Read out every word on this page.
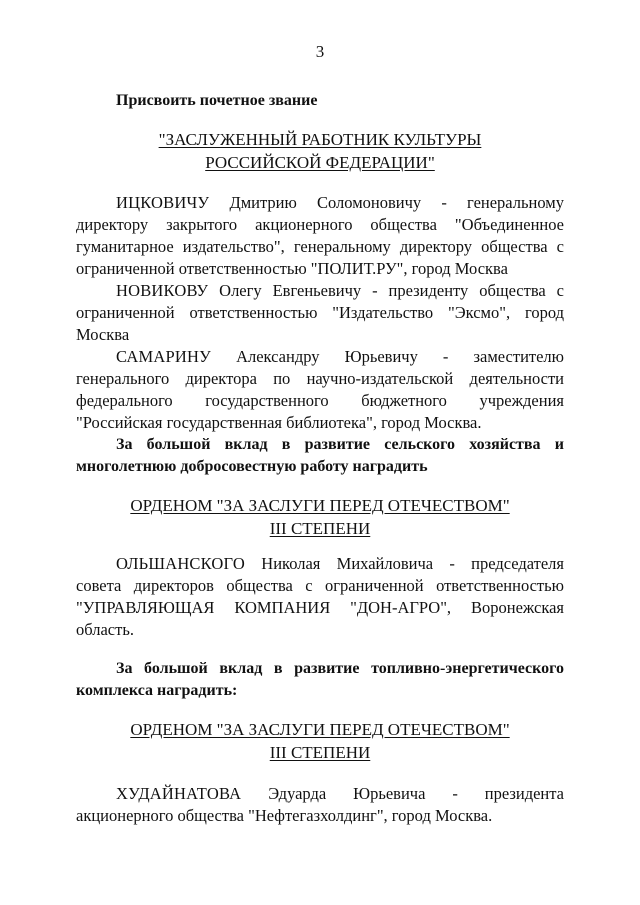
3
Присвоить почетное звание
"ЗАСЛУЖЕННЫЙ РАБОТНИК КУЛЬТУРЫ
РОССИЙСКОЙ ФЕДЕРАЦИИ"
ИЦКОВИЧУ Дмитрию Соломоновичу - генеральному директору закрытого акционерного общества "Объединенное гуманитарное издательство", генеральному директору общества с ограниченной ответственностью "ПОЛИТ.РУ", город Москва
НОВИКОВУ Олегу Евгеньевичу - президенту общества с ограниченной ответственностью "Издательство "Эксмо", город Москва
САМАРИНУ Александру Юрьевичу - заместителю генерального директора по научно-издательской деятельности федерального государственного бюджетного учреждения "Российская государственная библиотека", город Москва.
За большой вклад в развитие сельского хозяйства и многолетнюю добросовестную работу наградить
ОРДЕНОМ "ЗА ЗАСЛУГИ ПЕРЕД ОТЕЧЕСТВОМ"
III СТЕПЕНИ
ОЛЬШАНСКОГО Николая Михайловича - председателя совета директоров общества с ограниченной ответственностью "УПРАВЛЯЮЩАЯ КОМПАНИЯ "ДОН-АГРО", Воронежская область.
За большой вклад в развитие топливно-энергетического комплекса наградить:
ОРДЕНОМ "ЗА ЗАСЛУГИ ПЕРЕД ОТЕЧЕСТВОМ"
III СТЕПЕНИ
ХУДАЙНАТОВА Эдуарда Юрьевича - президента акционерного общества "Нефтегазхолдинг", город Москва.
